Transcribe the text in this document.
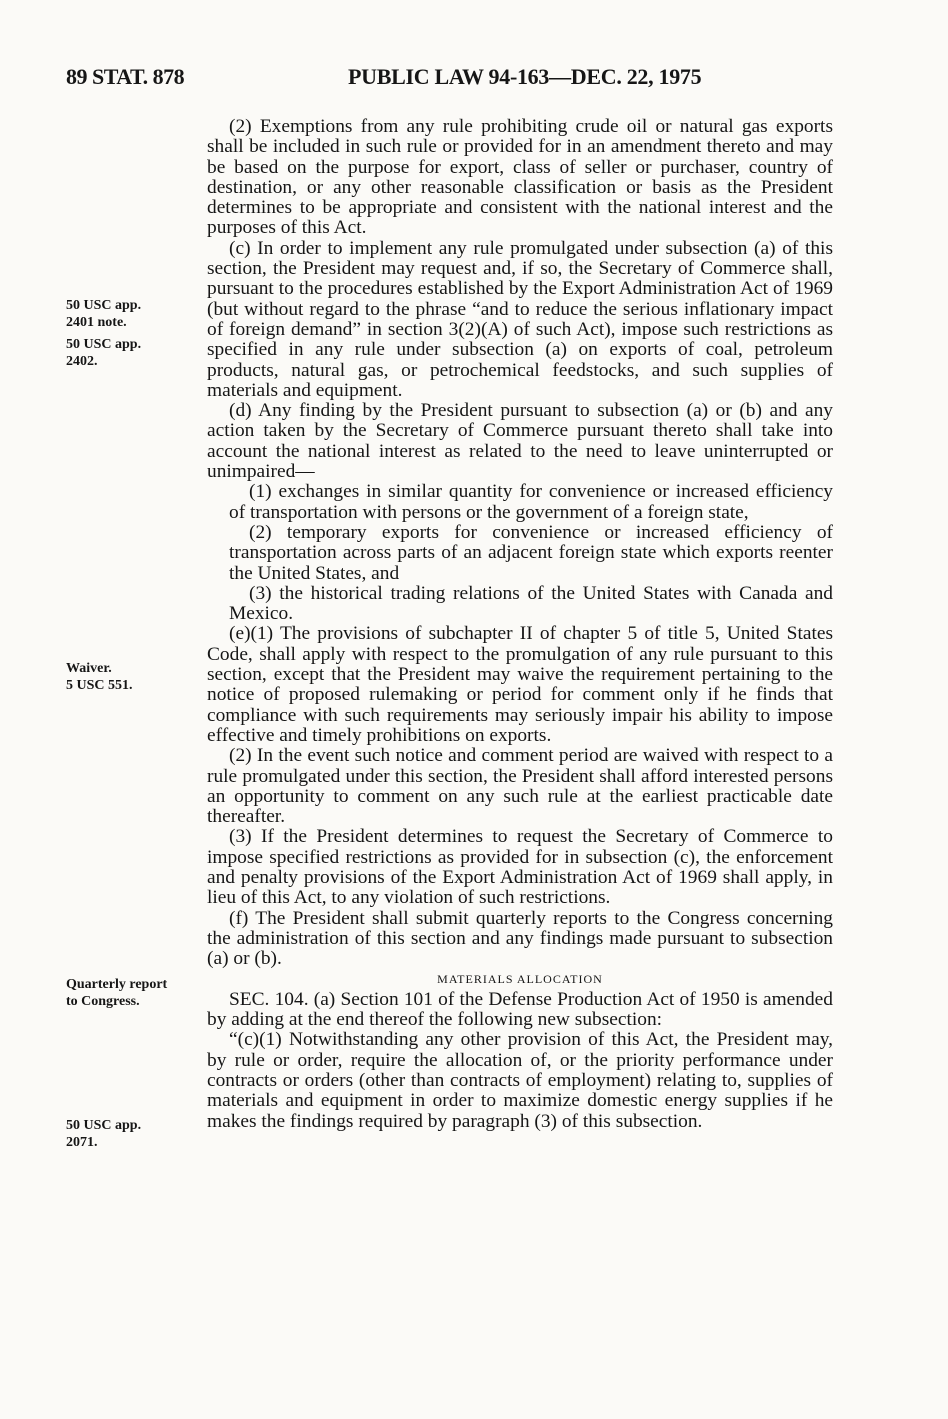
89 STAT. 878	PUBLIC LAW 94-163—DEC. 22, 1975

50 USC app.
2401 note.
50 USC app.
2402.
Waiver.
5 USC 551.
Quarterly report
to Congress.
50 USC app.
2071.

(2) Exemptions from any rule prohibiting crude oil or natural gas exports shall be included in such rule or provided for in an amendment thereto and may be based on the purpose for export, class of seller or purchaser, country of destination, or any other reasonable classification or basis as the President determines to be appropriate and consistent with the national interest and the purposes of this Act.

(c) In order to implement any rule promulgated under subsection (a) of this section, the President may request and, if so, the Secretary of Commerce shall, pursuant to the procedures established by the Export Administration Act of 1969 (but without regard to the phrase “and to reduce the serious inflationary impact of foreign demand” in section 3(2)(A) of such Act), impose such restrictions as specified in any rule under subsection (a) on exports of coal, petroleum products, natural gas, or petrochemical feedstocks, and such supplies of materials and equipment.

(d) Any finding by the President pursuant to subsection (a) or (b) and any action taken by the Secretary of Commerce pursuant thereto shall take into account the national interest as related to the need to leave uninterrupted or unimpaired—

(1) exchanges in similar quantity for convenience or increased efficiency of transportation with persons or the government of a foreign state,

(2) temporary exports for convenience or increased efficiency of transportation across parts of an adjacent foreign state which exports reenter the United States, and

(3) the historical trading relations of the United States with Canada and Mexico.

(e)(1) The provisions of subchapter II of chapter 5 of title 5, United States Code, shall apply with respect to the promulgation of any rule pursuant to this section, except that the President may waive the requirement pertaining to the notice of proposed rulemaking or period for comment only if he finds that compliance with such requirements may seriously impair his ability to impose effective and timely prohibitions on exports.

(2) In the event such notice and comment period are waived with respect to a rule promulgated under this section, the President shall afford interested persons an opportunity to comment on any such rule at the earliest practicable date thereafter.

(3) If the President determines to request the Secretary of Commerce to impose specified restrictions as provided for in subsection (c), the enforcement and penalty provisions of the Export Administration Act of 1969 shall apply, in lieu of this Act, to any violation of such restrictions.

(f) The President shall submit quarterly reports to the Congress concerning the administration of this section and any findings made pursuant to subsection (a) or (b).

MATERIALS ALLOCATION

SEC. 104. (a) Section 101 of the Defense Production Act of 1950 is amended by adding at the end thereof the following new subsection:

“(c)(1) Notwithstanding any other provision of this Act, the President may, by rule or order, require the allocation of, or the priority performance under contracts or orders (other than contracts of employment) relating to, supplies of materials and equipment in order to maximize domestic energy supplies if he makes the findings required by paragraph (3) of this subsection.
